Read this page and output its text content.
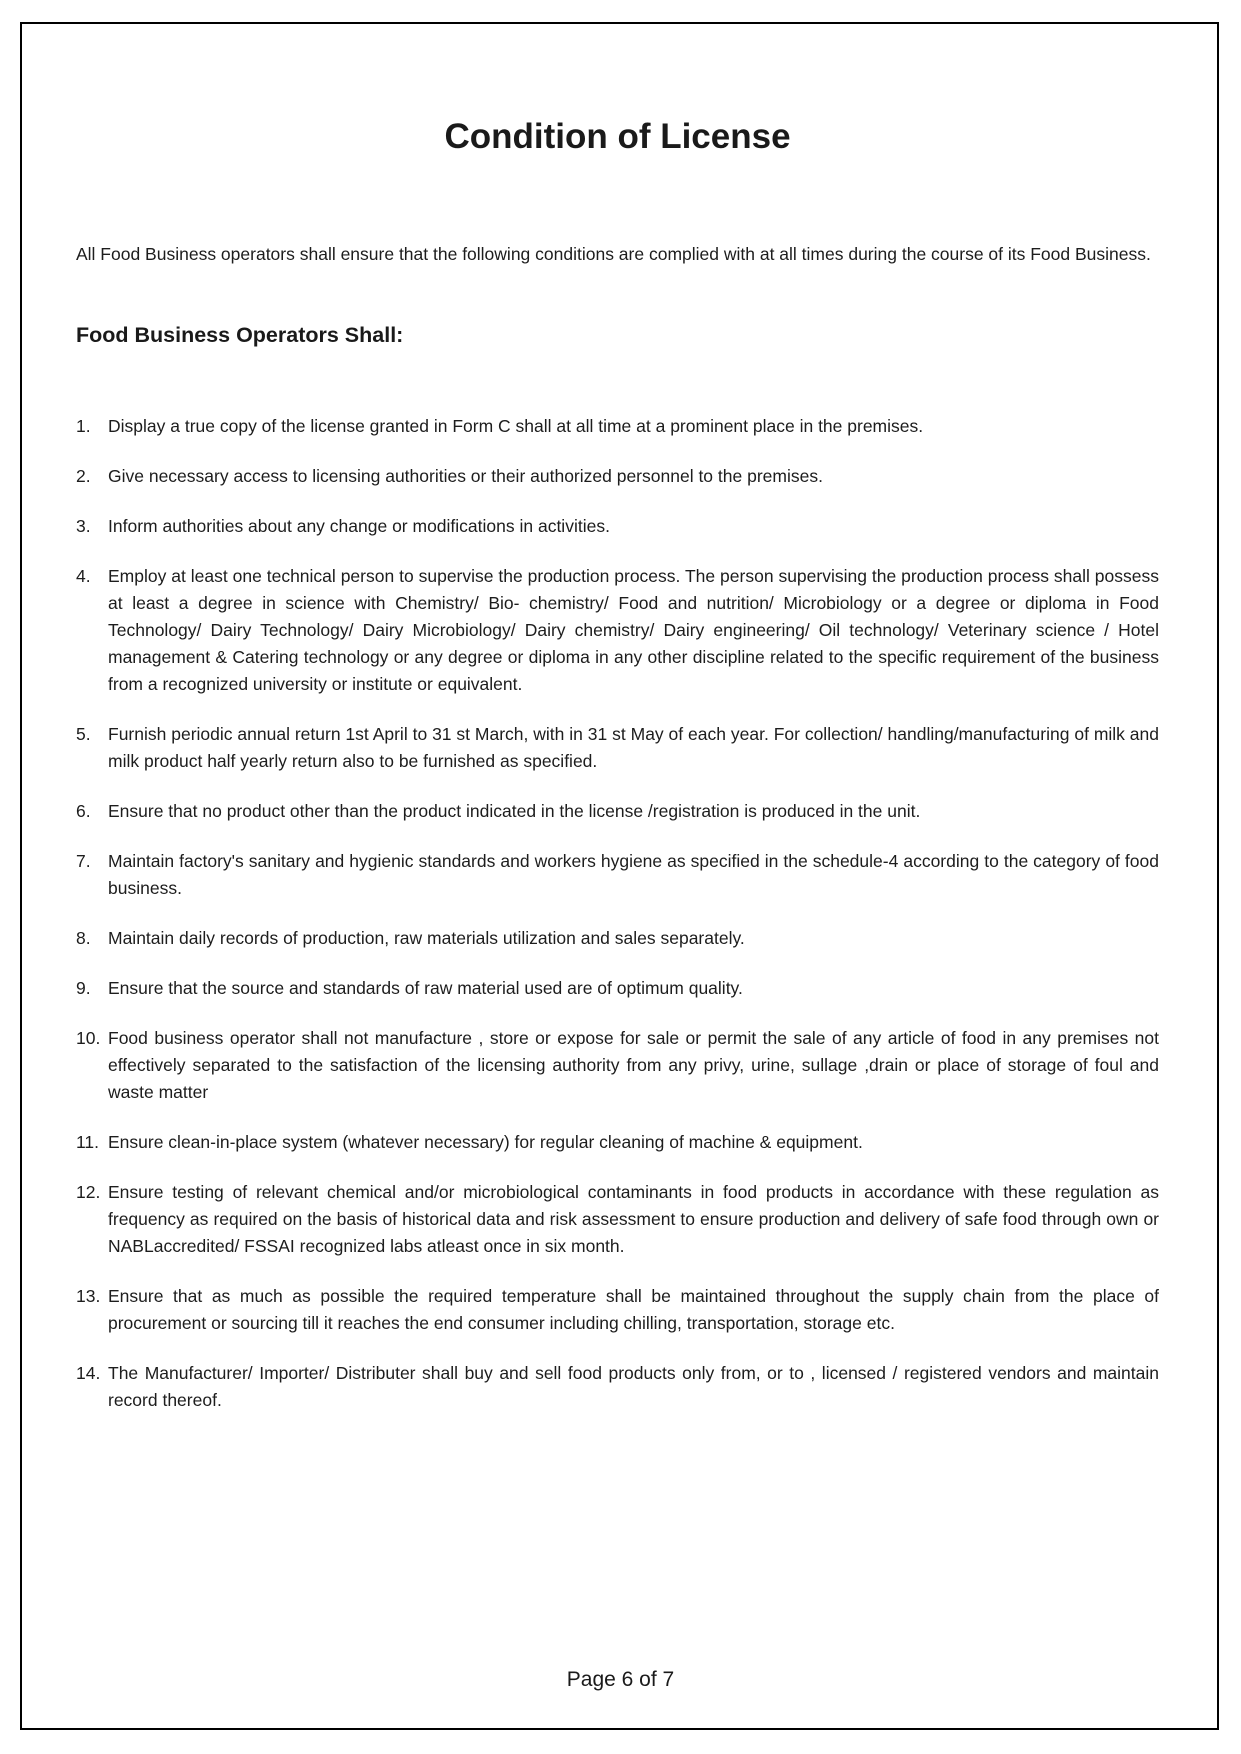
Condition of License

All Food Business operators shall ensure that the following conditions are complied with at all times during the course of its Food Business.

Food Business Operators Shall:
1. Display a true copy of the license granted in Form C shall at all time at a prominent place in the premises.
2. Give necessary access to licensing authorities or their authorized personnel to the premises.
3. Inform authorities about any change or modifications in activities.
4. Employ at least one technical person to supervise the production process. The person supervising the production process shall possess at least a degree in science with Chemistry/ Bio- chemistry/ Food and nutrition/ Microbiology or a degree or diploma in Food Technology/ Dairy Technology/ Dairy Microbiology/ Dairy chemistry/ Dairy engineering/ Oil technology/ Veterinary science / Hotel management & Catering technology or any degree or diploma in any other discipline related to the specific requirement of the business from a recognized university or institute or equivalent.
5. Furnish periodic annual return 1st April to 31 st March, with in 31 st May of each year. For collection/ handling/manufacturing of milk and milk product half yearly return also to be furnished as specified.
6. Ensure that no product other than the product indicated in the license /registration is produced in the unit.
7. Maintain factory's sanitary and hygienic standards and workers hygiene as specified in the schedule-4 according to the category of food business.
8. Maintain daily records of production, raw materials utilization and sales separately.
9. Ensure that the source and standards of raw material used are of optimum quality.
10. Food business operator shall not manufacture , store or expose for sale or permit the sale of any article of food in any premises not effectively separated to the satisfaction of the licensing authority from any privy, urine, sullage ,drain or place of storage of foul and waste matter
11. Ensure clean-in-place system (whatever necessary) for regular cleaning of machine & equipment.
12. Ensure testing of relevant chemical and/or microbiological contaminants in food products in accordance with these regulation as frequency as required on the basis of historical data and risk assessment to ensure production and delivery of safe food through own or NABLaccredited/ FSSAI recognized labs atleast once in six month.
13. Ensure that as much as possible the required temperature shall be maintained throughout the supply chain from the place of procurement or sourcing till it reaches the end consumer including chilling, transportation, storage etc.
14. The Manufacturer/ Importer/ Distributer shall buy and sell food products only from, or to , licensed / registered vendors and maintain record thereof.
Page 6 of 7
